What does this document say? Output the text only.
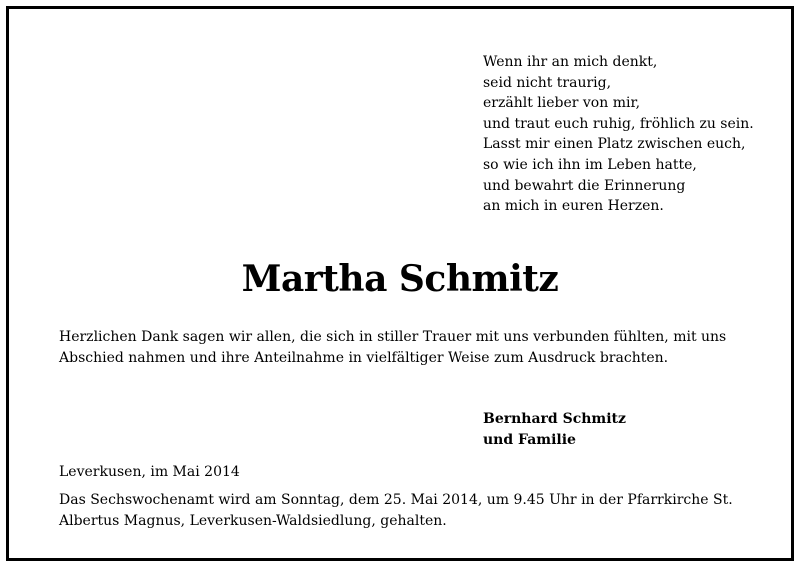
Wenn ihr an mich denkt,
seid nicht traurig,
erzählt lieber von mir,
und traut euch ruhig, fröhlich zu sein.
Lasst mir einen Platz zwischen euch,
so wie ich ihn im Leben hatte,
und bewahrt die Erinnerung
an mich in euren Herzen.
Martha Schmitz
Herzlichen Dank sagen wir allen, die sich in stiller Trauer mit uns verbunden fühlten, mit uns Abschied nahmen und ihre Anteilnahme in vielfältiger Weise zum Ausdruck brachten.
Bernhard Schmitz
und Familie
Leverkusen, im Mai 2014
Das Sechswochenamt wird am Sonntag, dem 25. Mai 2014, um 9.45 Uhr in der Pfarrkirche St. Albertus Magnus, Leverkusen-Waldsiedlung, gehalten.
